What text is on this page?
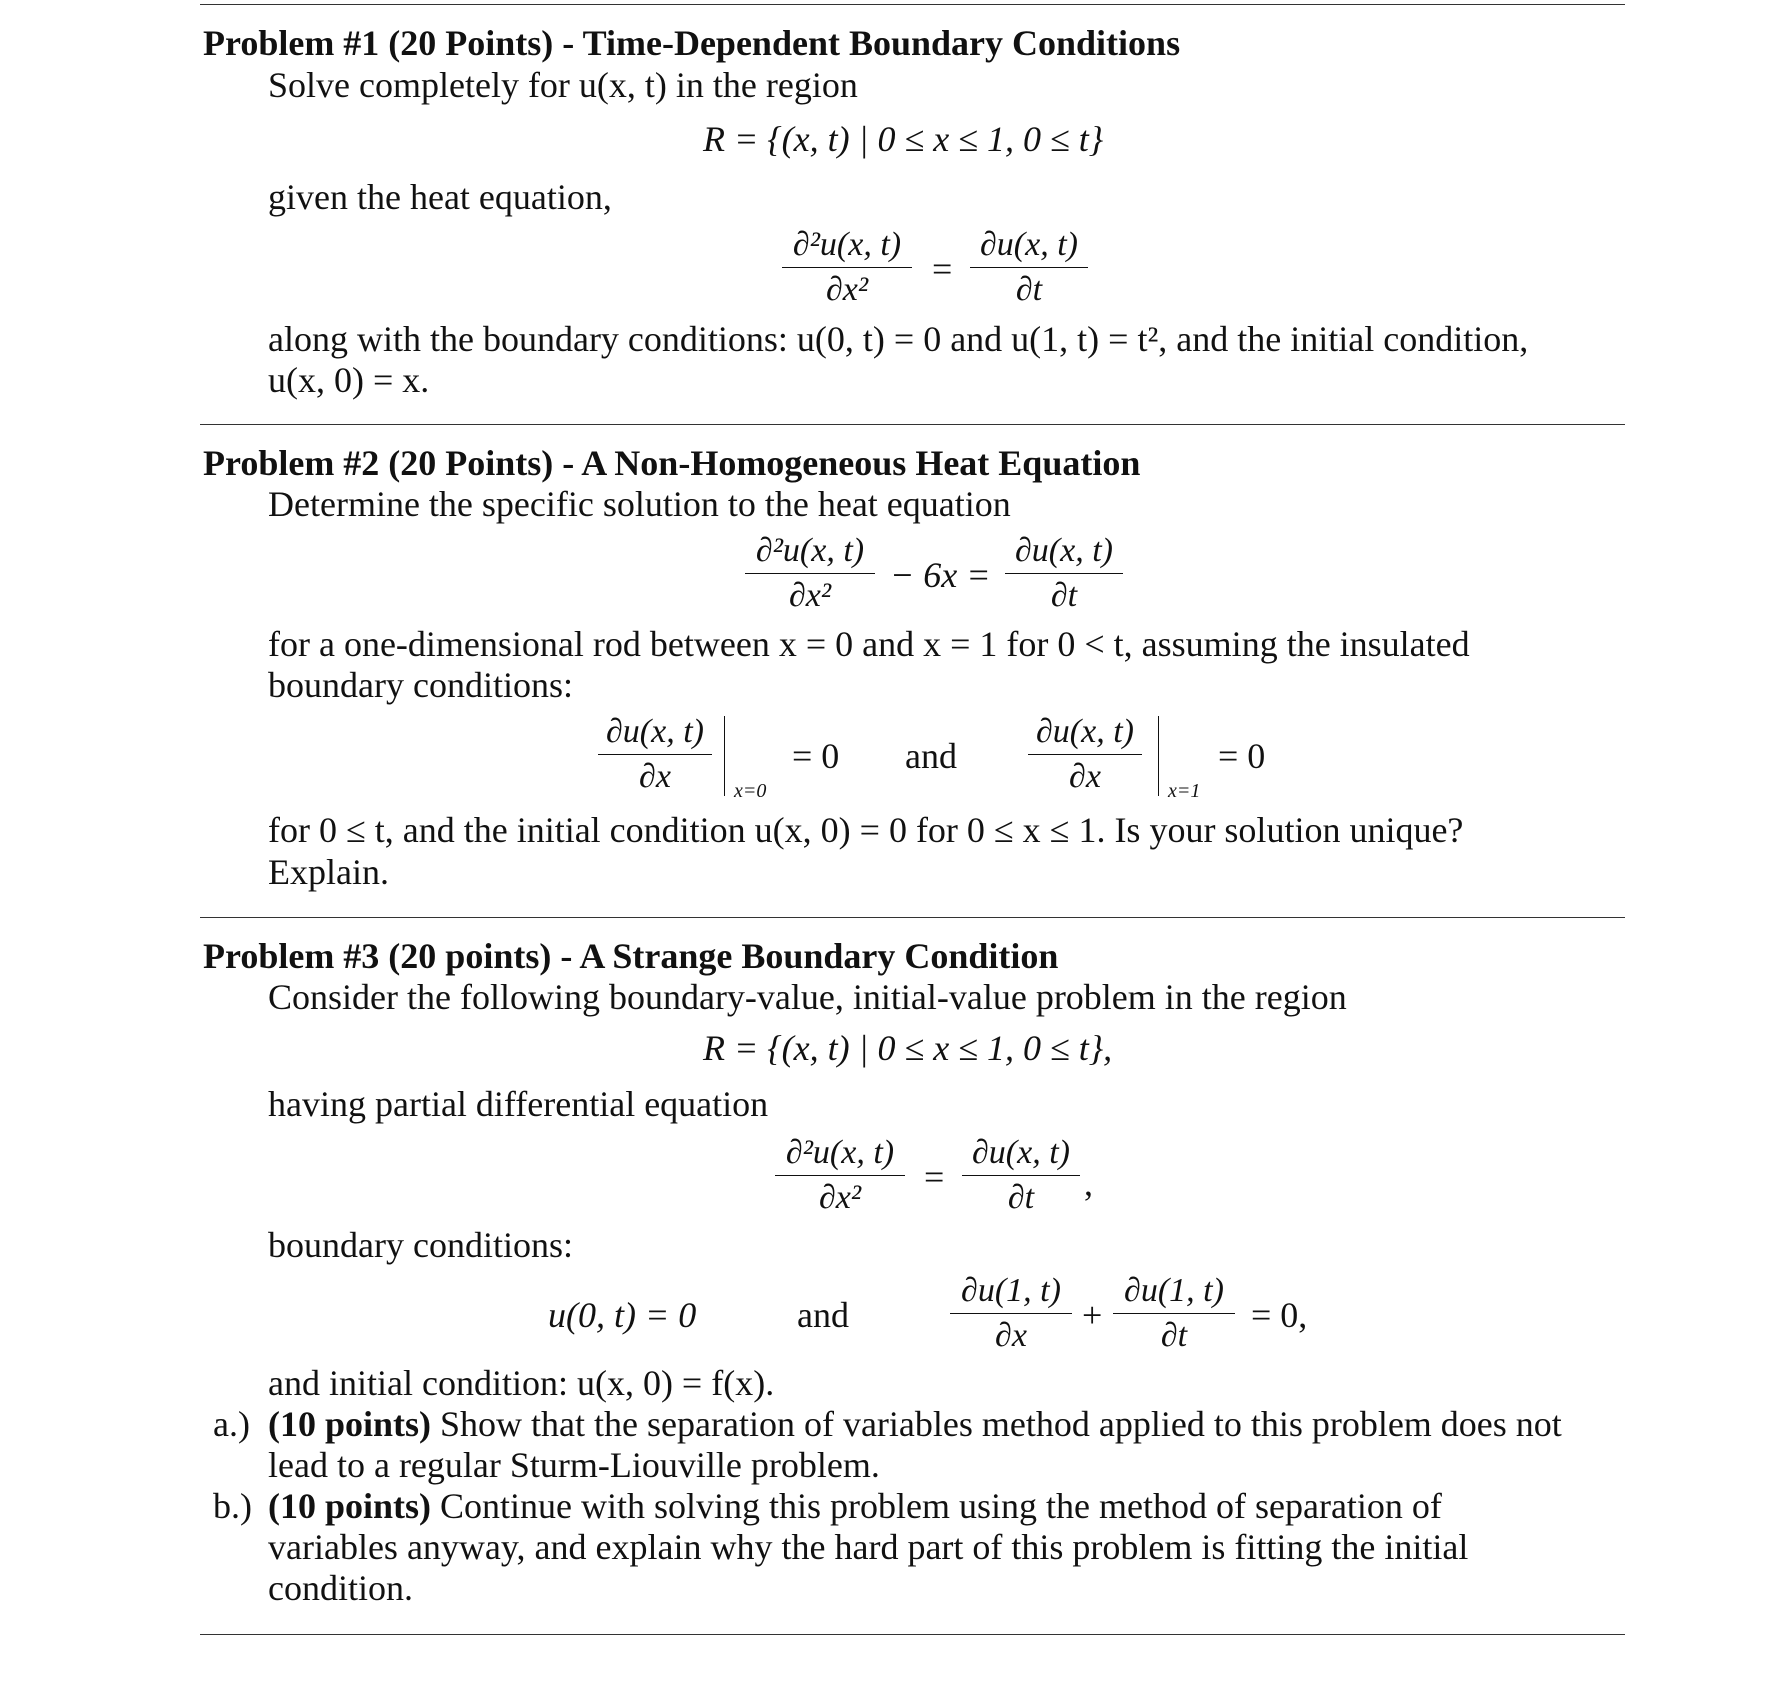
Problem #1 (20 Points) - Time-Dependent Boundary Conditions
Solve completely for u(x, t) in the region
R = {(x, t) | 0 ≤ x ≤ 1, 0 ≤ t}
given the heat equation,
∂²u(x, t)
∂x²
=
∂u(x, t)
∂t
along with the boundary conditions: u(0, t) = 0 and u(1, t) = t², and the initial condition,
u(x, 0) = x.
Problem #2 (20 Points) - A Non-Homogeneous Heat Equation
Determine the specific solution to the heat equation
∂²u(x, t)
∂x²
− 6x =
∂u(x, t)
∂t
for a one-dimensional rod between x = 0 and x = 1 for 0 < t, assuming the insulated
boundary conditions:
∂u(x, t)
∂x	x=0
= 0 and
∂u(x, t)
∂x	x=1
= 0
for 0 ≤ t, and the initial condition u(x, 0) = 0 for 0 ≤ x ≤ 1. Is your solution unique?
Explain.
Problem #3 (20 points) - A Strange Boundary Condition
Consider the following boundary-value, initial-value problem in the region
R = {(x, t) | 0 ≤ x ≤ 1, 0 ≤ t},
having partial differential equation
∂²u(x, t)
∂x²
=
∂u(x, t)
∂t ,
boundary conditions:
u(0, t) = 0	and
∂u(1, t)
∂x
+
∂u(1, t)
∂t
= 0,
and initial condition: u(x, 0) = f(x).
a.) (10 points) Show that the separation of variables method applied to this problem does not
lead to a regular Sturm-Liouville problem.
b.) (10 points) Continue with solving this problem using the method of separation of
variables anyway, and explain why the hard part of this problem is fitting the initial
condition.
